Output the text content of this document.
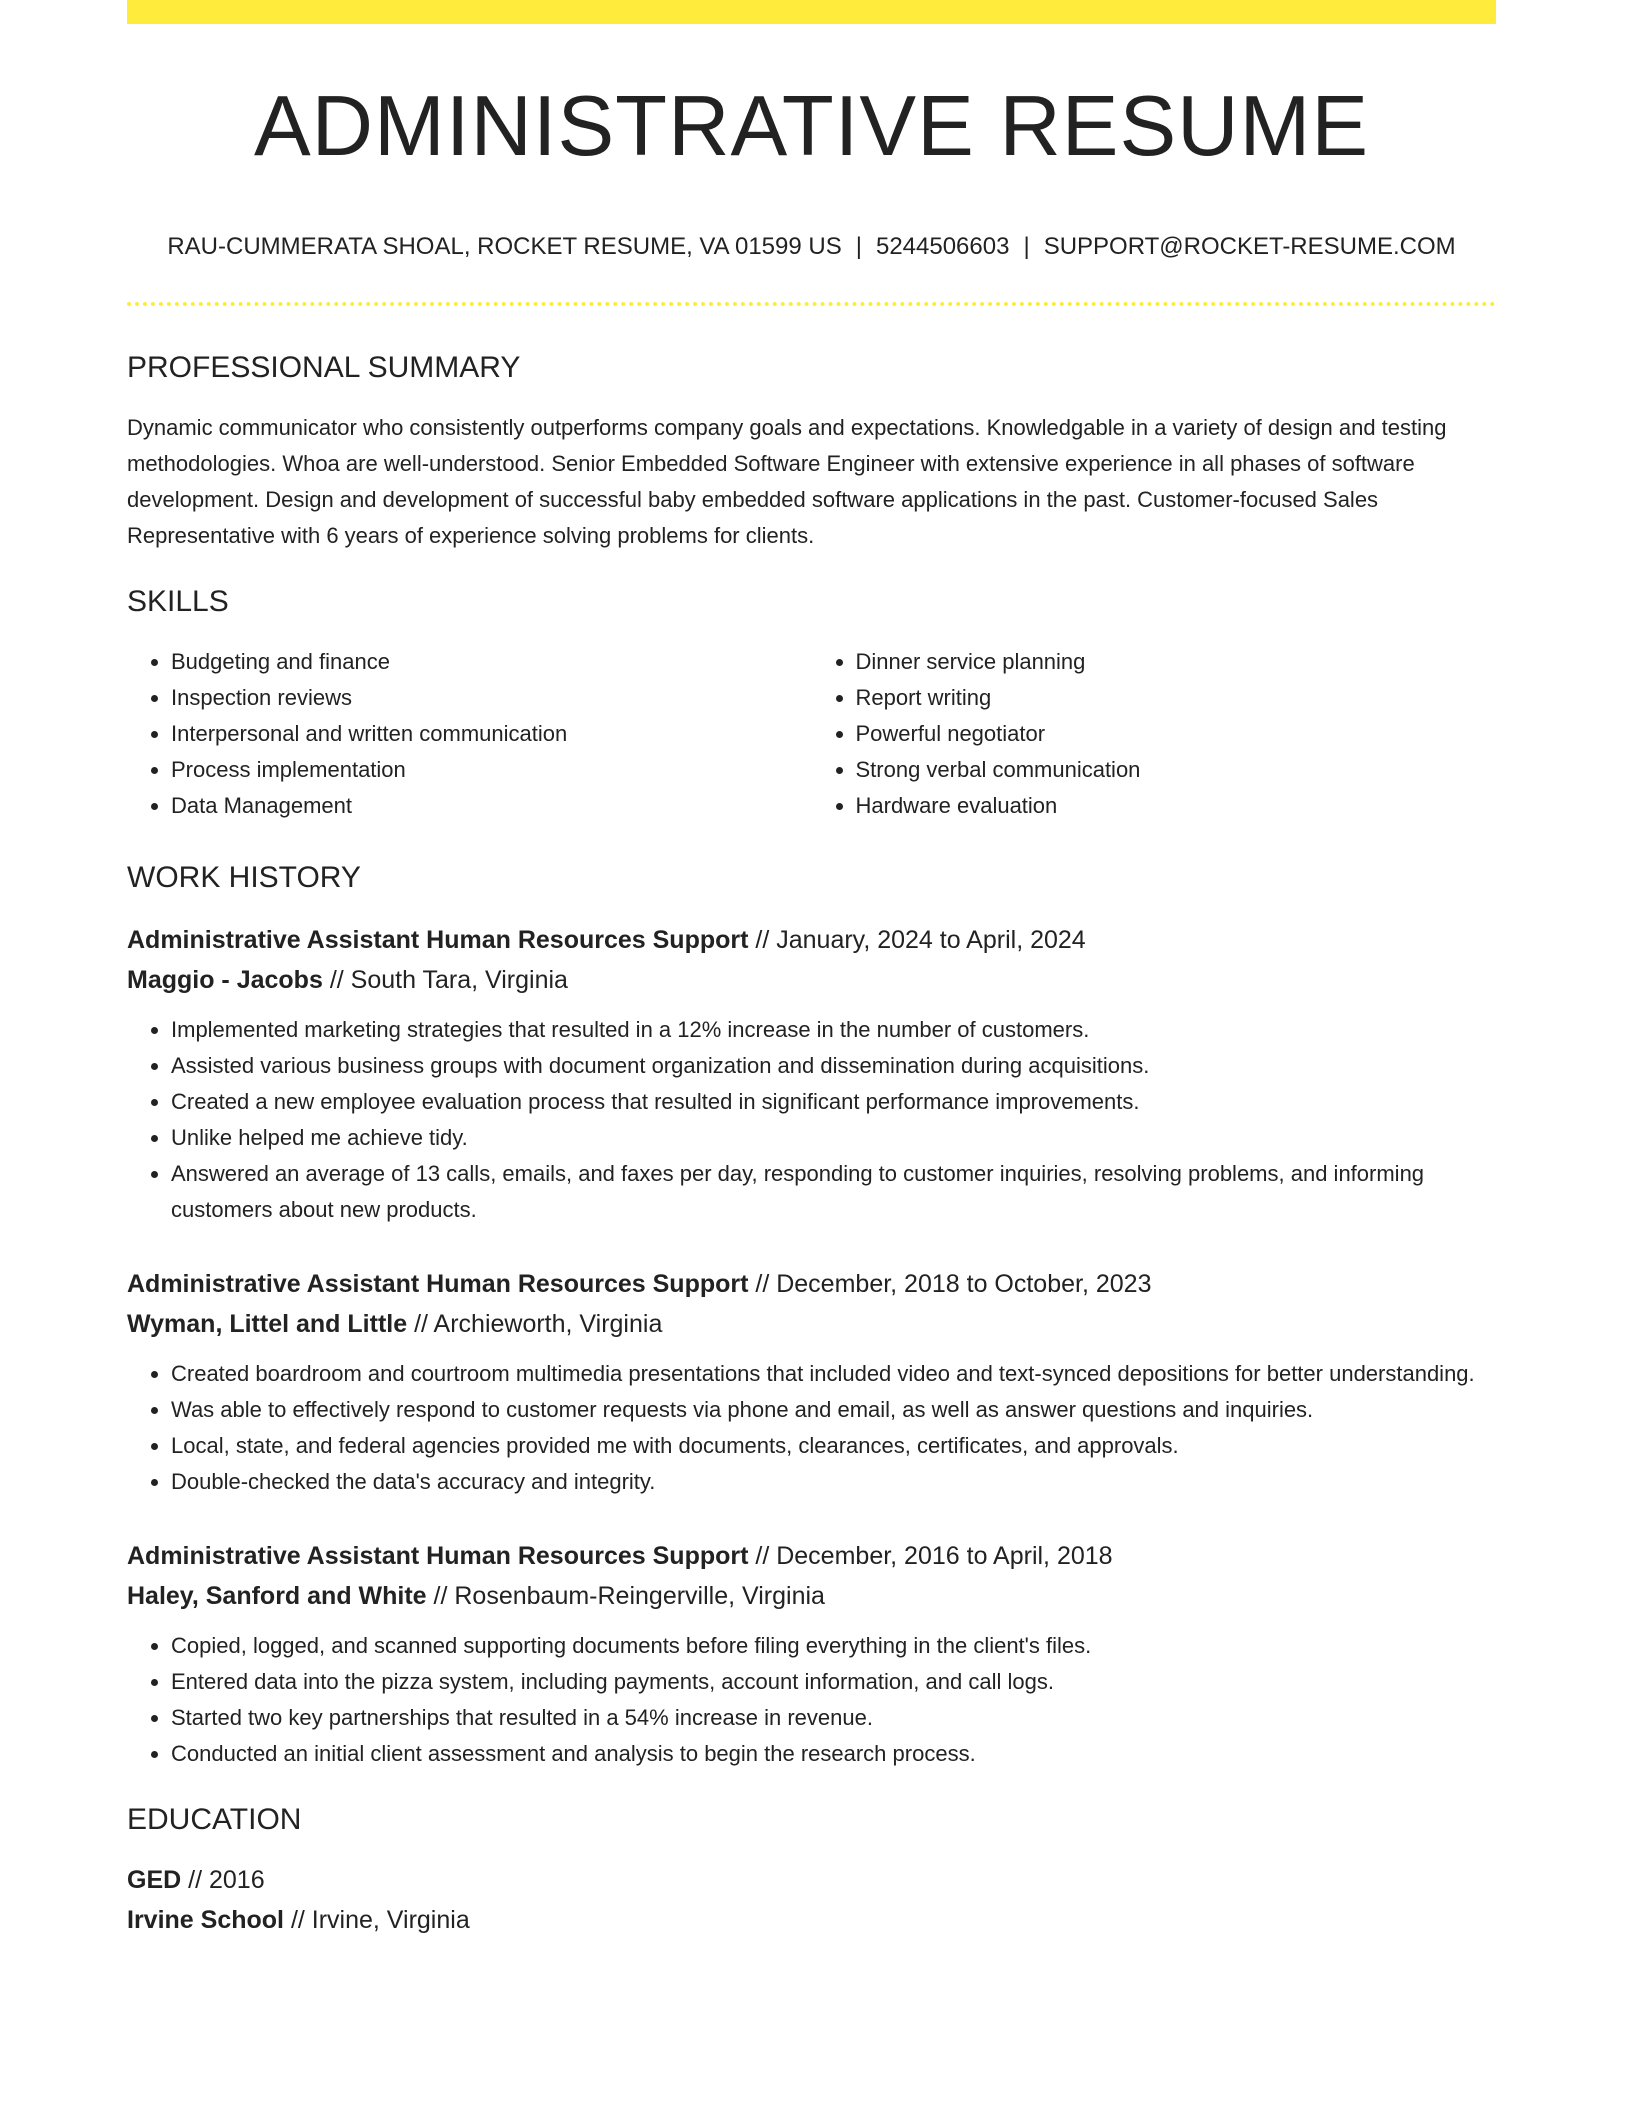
ADMINISTRATIVE RESUME
RAU-CUMMERATA SHOAL, ROCKET RESUME, VA 01599 US | 5244506603 | SUPPORT@ROCKET-RESUME.COM
PROFESSIONAL SUMMARY

Dynamic communicator who consistently outperforms company goals and expectations. Knowledgable in a variety of design and testing methodologies. Whoa are well-understood. Senior Embedded Software Engineer with extensive experience in all phases of software development. Design and development of successful baby embedded software applications in the past. Customer-focused Sales Representative with 6 years of experience solving problems for clients.

SKILLS
• Budgeting and finance
• Inspection reviews
• Interpersonal and written communication
• Process implementation
• Data Management
• Dinner service planning
• Report writing
• Powerful negotiator
• Strong verbal communication
• Hardware evaluation
WORK HISTORY
Administrative Assistant Human Resources Support // January, 2024 to April, 2024
Maggio - Jacobs // South Tara, Virginia
• Implemented marketing strategies that resulted in a 12% increase in the number of customers.
• Assisted various business groups with document organization and dissemination during acquisitions.
• Created a new employee evaluation process that resulted in significant performance improvements.
• Unlike helped me achieve tidy.
• Answered an average of 13 calls, emails, and faxes per day, responding to customer inquiries, resolving problems, and informing customers about new products.
Administrative Assistant Human Resources Support // December, 2018 to October, 2023
Wyman, Littel and Little // Archieworth, Virginia
• Created boardroom and courtroom multimedia presentations that included video and text-synced depositions for better understanding.
• Was able to effectively respond to customer requests via phone and email, as well as answer questions and inquiries.
• Local, state, and federal agencies provided me with documents, clearances, certificates, and approvals.
• Double-checked the data's accuracy and integrity.
Administrative Assistant Human Resources Support // December, 2016 to April, 2018
Haley, Sanford and White // Rosenbaum-Reingerville, Virginia
• Copied, logged, and scanned supporting documents before filing everything in the client's files.
• Entered data into the pizza system, including payments, account information, and call logs.
• Started two key partnerships that resulted in a 54% increase in revenue.
• Conducted an initial client assessment and analysis to begin the research process.
EDUCATION
GED // 2016
Irvine School // Irvine, Virginia
